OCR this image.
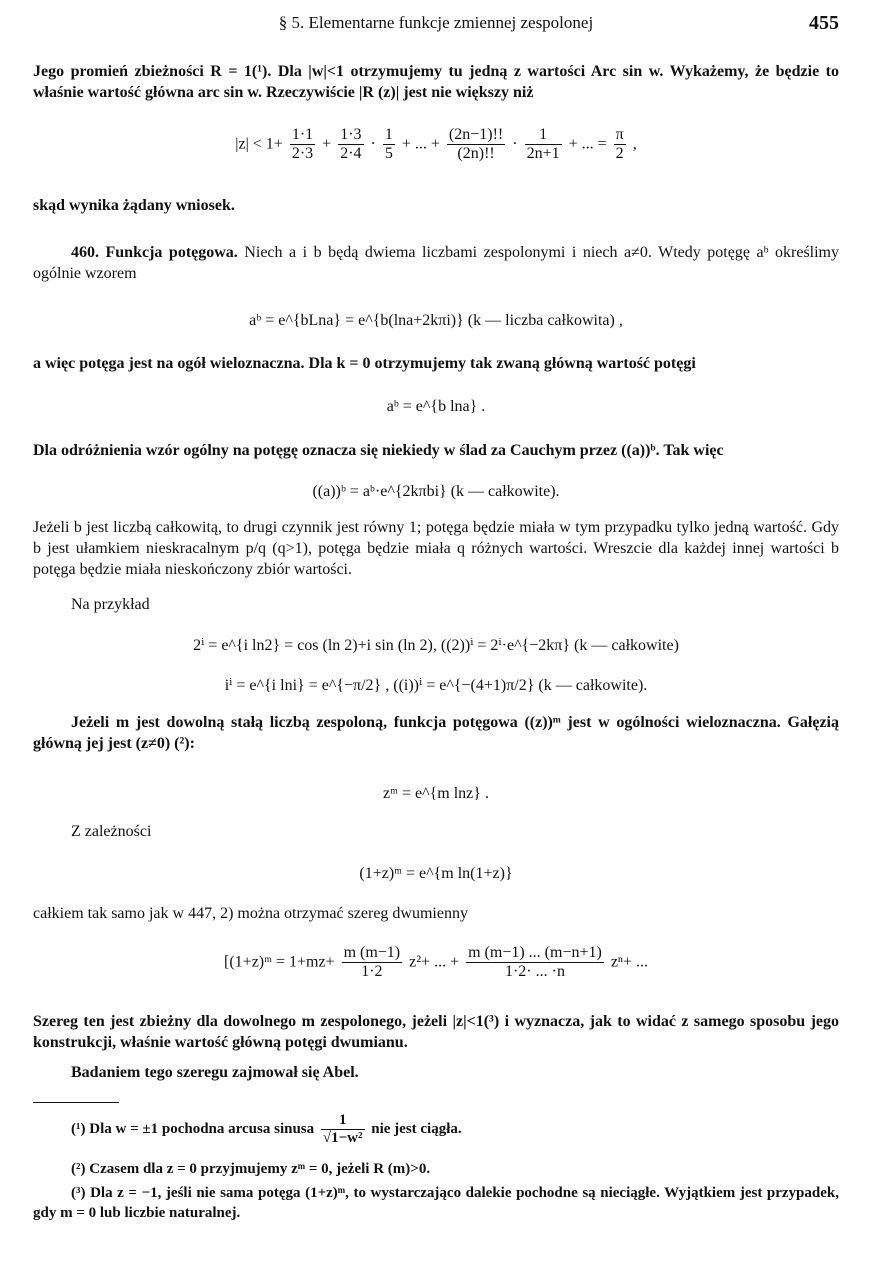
§ 5. Elementarne funkcje zmiennej zespolonej	455

Jego promień zbieżności R = 1(¹). Dla |w|<1 otrzymujemy tu jedną z wartości Arc sin w. Wykażemy, że będzie to właśnie wartość główna arc sin w. Rzeczywiście |R (z)| jest nie większy niż

$|z| < 1+ \frac{1\cdot 1}{2\cdot 3} + \frac{1\cdot 3}{2\cdot 4} \cdot \frac{1}{5}$ + ... + $\frac{(2n-1)!!}{(2n)!!} \cdot \frac{1}{2n+1}$ + ... = $\frac{\pi}{2}$ ,

skąd wynika żądany wniosek.

460. Funkcja potęgowa. Niech a i b będą dwiema liczbami zespolonymi i niech a≠0. Wtedy potęgę aᵇ określimy ogólnie wzorem

aᵇ = e^{bLna} = e^{b(lna+2kπi)} (k — liczba całkowita) ,

a więc potęga jest na ogół wieloznaczna. Dla k = 0 otrzymujemy tak zwaną główną wartość potęgi

aᵇ = e^{b lna} .

Dla odróżnienia wzór ogólny na potęgę oznacza się niekiedy w ślad za Cauchym przez ((a))ᵇ. Tak więc

((a))ᵇ = aᵇ·e^{2kπbi} (k — całkowite).

Jeżeli b jest liczbą całkowitą, to drugi czynnik jest równy 1; potęga będzie miała w tym przypadku tylko jedną wartość. Gdy b jest ułamkiem nieskracalnym p/q (q>1), potęga będzie miała q różnych wartości. Wreszcie dla każdej innej wartości b potęga będzie miała nieskończony zbiór wartości.

Na przykład

2ⁱ = e^{i ln2} = cos (ln 2)+i sin (ln 2), ((2))ⁱ = 2ⁱ·e^{−2kπ} (k — całkowite)
iⁱ = e^{i lni} = e^{−π/2} , ((i))ⁱ = e^{−(4+1)π/2} (k — całkowite).

Jeżeli m jest dowolną stałą liczbą zespoloną, funkcja potęgowa ((z))ᵐ jest w ogólności wieloznaczna. Gałęzią główną jej jest (z≠0) (²):

zᵐ = e^{m lnz} .

Z zależności

(1+z)ᵐ = e^{m ln(1+z)}

całkiem tak samo jak w 447, 2) można otrzymać szereg dwumienny

[(1+z)ᵐ = $1+mz+ \frac{m (m-1)}{1\cdot 2} z^2+$ ... + $\frac{m (m-1) ... (m-n+1)}{1\cdot 2\cdot ... \cdot n} z^n+$ ...

Szereg ten jest zbieżny dla dowolnego m zespolonego, jeżeli |z|<1(³) i wyznacza, jak to widać z samego sposobu jego konstrukcji, właśnie wartość główną potęgi dwumianu.

Badaniem tego szeregu zajmował się Abel.

(¹) Dla w = ±1 pochodna arcusa sinusa $\frac{1}{\text{√1−w²}}$ nie jest ciągła.

(²) Czasem dla z = 0 przyjmujemy zᵐ = 0, jeżeli R (m)>0.

(³) Dla z = −1, jeśli nie sama potęga (1+z)ᵐ, to wystarczająco dalekie pochodne są nieciągłe. Wyjątkiem jest przypadek, gdy m = 0 lub liczbie naturalnej.
